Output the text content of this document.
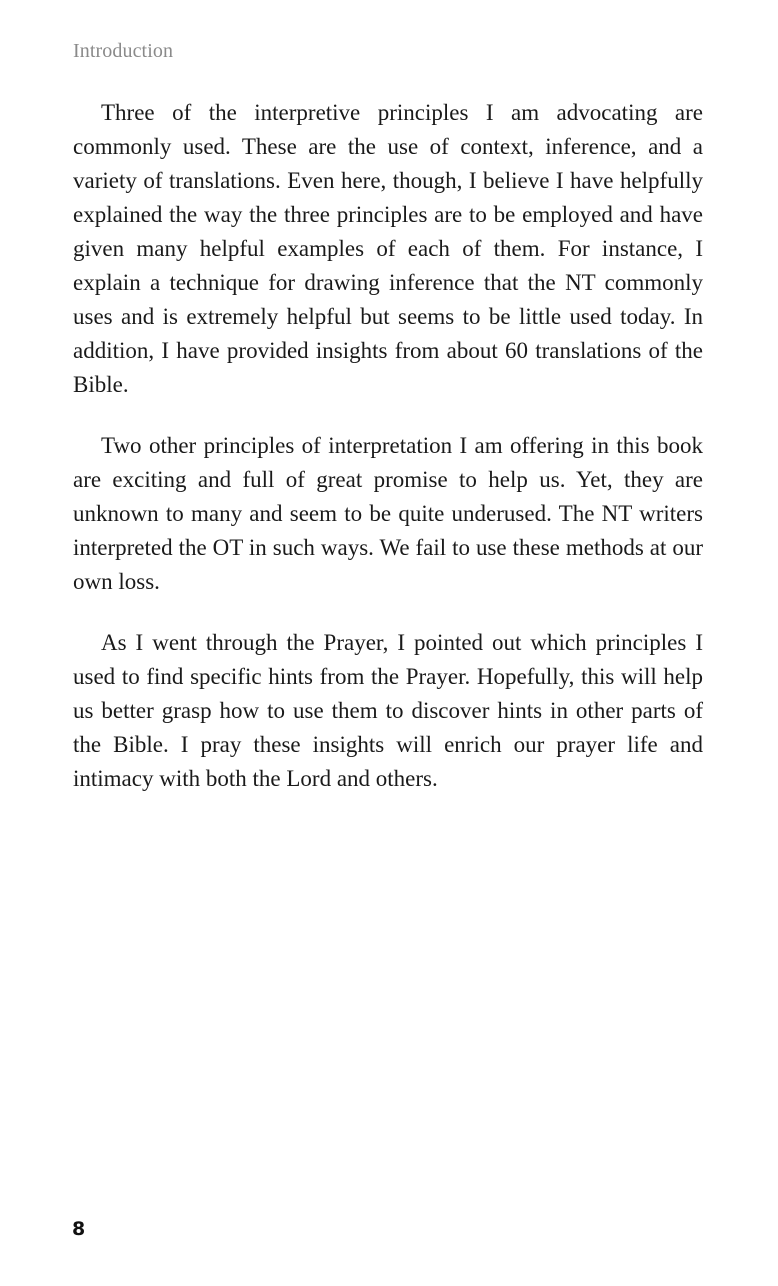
Introduction

Three of the interpretive principles I am advocating are commonly used. These are the use of context, inference, and a variety of translations. Even here, though, I believe I have helpfully explained the way the three principles are to be employed and have given many helpful examples of each of them. For instance, I explain a technique for drawing inference that the NT commonly uses and is extremely helpful but seems to be little used today. In addition, I have provided insights from about 60 translations of the Bible.

Two other principles of interpretation I am offering in this book are exciting and full of great promise to help us. Yet, they are unknown to many and seem to be quite underused. The NT writers interpreted the OT in such ways. We fail to use these methods at our own loss.

As I went through the Prayer, I pointed out which principles I used to find specific hints from the Prayer. Hopefully, this will help us better grasp how to use them to discover hints in other parts of the Bible. I pray these insights will enrich our prayer life and intimacy with both the Lord and others.

8
